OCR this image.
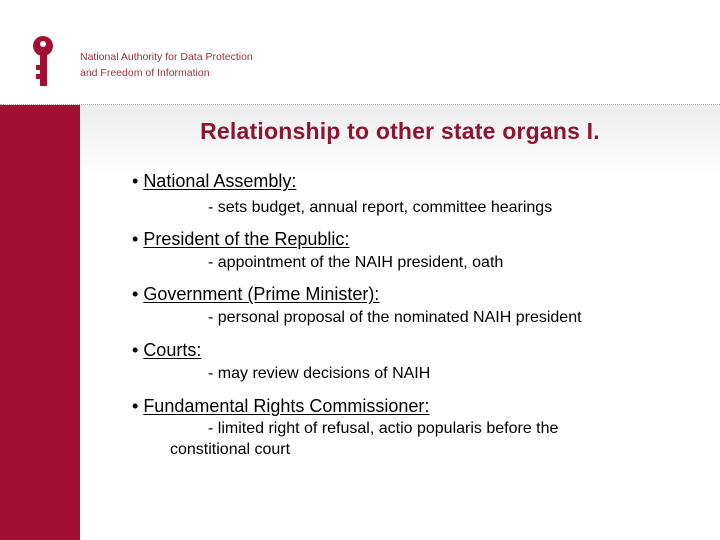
National Authority for Data Protection
and Freedom of Information
Relationship to other state organs I.
• National Assembly:
- sets budget, annual report, committee hearings
• President of the Republic:
- appointment of the NAIH president, oath
• Government (Prime Minister):
- personal proposal of the nominated NAIH president
• Courts:
- may review decisions of NAIH
• Fundamental Rights Commissioner:
- limited right of refusal, actio popularis before the
constitional court
